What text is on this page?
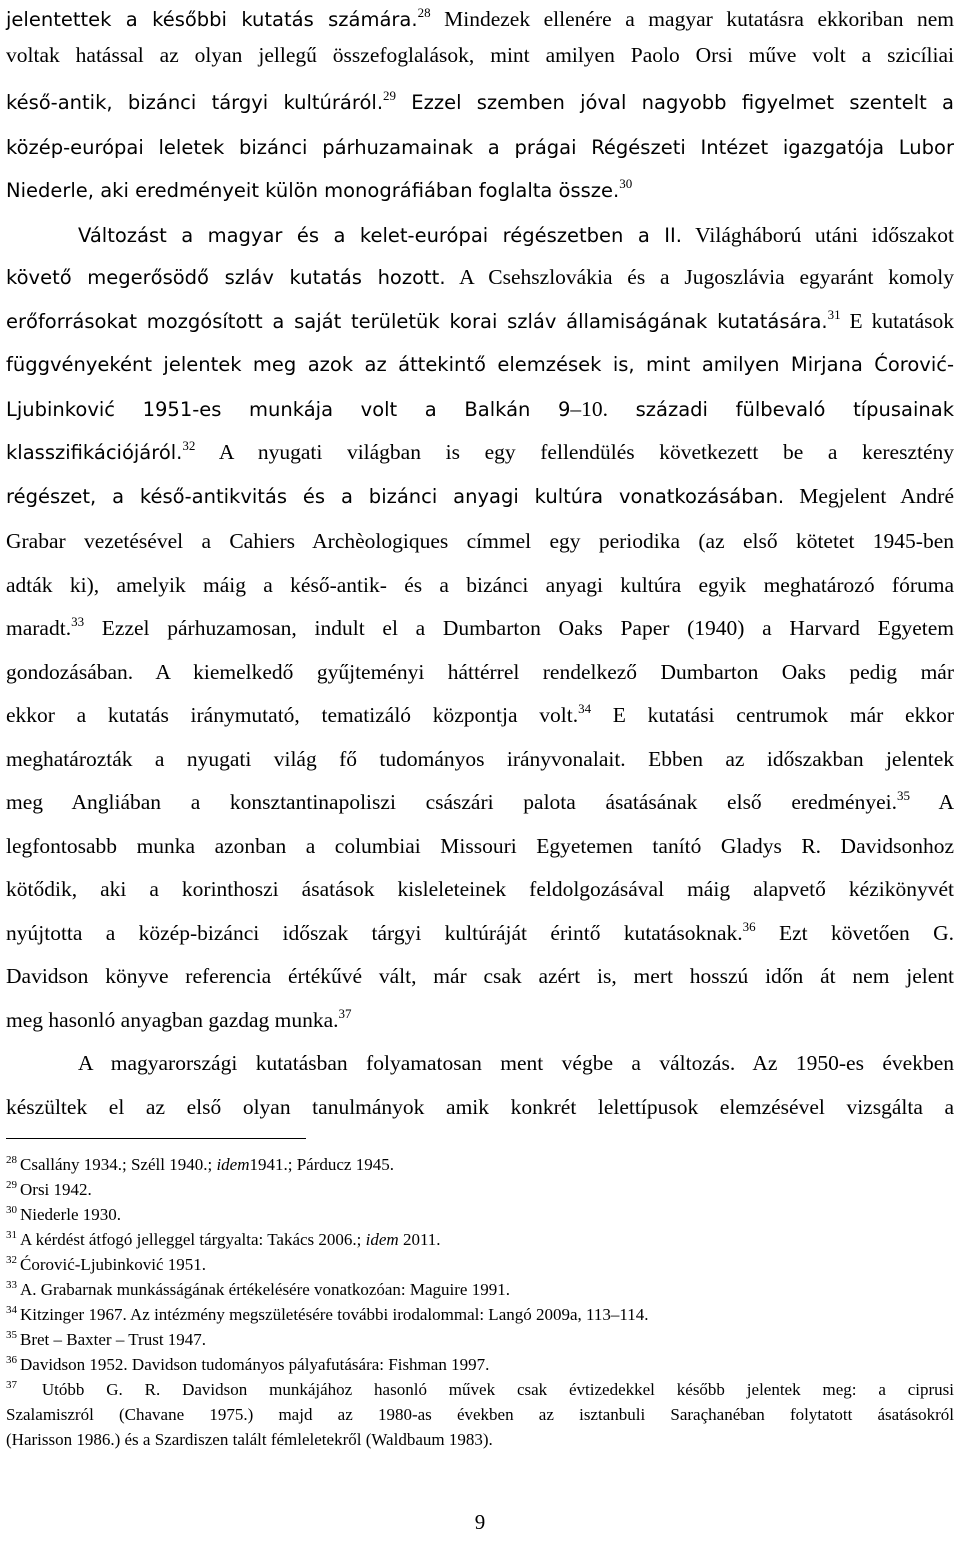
jelentettek a későbbi kutatás számára.$^{28}$ Mindezek ellenére a magyar kutatásra ekkoriban nem
voltak hatással az olyan jellegű összefoglalások, mint amilyen Paolo Orsi műve volt a szicíliai
késő-antik, bizánci tárgyi kultúráról.$^{29}$ Ezzel szemben jóval nagyobb figyelmet szentelt a
közép-európai leletek bizánci párhuzamainak a prágai Régészeti Intézet igazgatója Lubor
Niederle, aki eredményeit külön monográfiában foglalta össze.$^{30}$
Változást a magyar és a kelet-európai régészetben a II. Világháború utáni időszakot
követő megerősödő szláv kutatás hozott. A Csehszlovákia és a Jugoszlávia egyaránt komoly
erőforrásokat mozgósított a saját területük korai szláv államiságának kutatására.$^{31}$ E kutatások
függvényeként jelentek meg azok az áttekintő elemzések is, mint amilyen Mirjana Ćorović-
Ljubinković 1951-es munkája volt a Balkán 9–10. századi fülbevaló típusainak
klasszifikációjáról.$^{32}$ A nyugati világban is egy fellendülés következett be a keresztény
régészet, a késő-antikvitás és a bizánci anyagi kultúra vonatkozásában. Megjelent André
Grabar vezetésével a Cahiers Archèologiques címmel egy periodika (az első kötetet 1945-ben
adták ki), amelyik máig a késő-antik- és a bizánci anyagi kultúra egyik meghatározó fóruma
maradt.$^{33}$ Ezzel párhuzamosan, indult el a Dumbarton Oaks Paper (1940) a Harvard Egyetem
gondozásában. A kiemelkedő gyűjteményi háttérrel rendelkező Dumbarton Oaks pedig már
ekkor a kutatás iránymutató, tematizáló központja volt.$^{34}$ E kutatási centrumok már ekkor
meghatározták a nyugati világ fő tudományos irányvonalait. Ebben az időszakban jelentek
meg Angliában a konsztantinapoliszi császári palota ásatásának első eredményei.$^{35}$ A
legfontosabb munka azonban a columbiai Missouri Egyetemen tanító Gladys R. Davidsonhoz
kötődik, aki a korinthoszi ásatások kisleleteinek feldolgozásával máig alapvető kézikönyvét
nyújtotta a közép-bizánci időszak tárgyi kultúráját érintő kutatásoknak.$^{36}$ Ezt követően G.
Davidson könyve referencia értékűvé vált, már csak azért is, mert hosszú időn át nem jelent
meg hasonló anyagban gazdag munka.$^{37}$
A magyarországi kutatásban folyamatosan ment végbe a változás. Az 1950-es években
készültek el az első olyan tanulmányok amik konkrét lelettípusok elemzésével vizsgálta a
$^{28}$ Csallány 1934.; Széll 1940.; idem1941.; Párducz 1945.
$^{29}$ Orsi 1942.
$^{30}$ Niederle 1930.
$^{31}$ A kérdést átfogó jelleggel tárgyalta: Takács 2006.; idem 2011.
$^{32}$ Ćorović-Ljubinković 1951.
$^{33}$ A. Grabarnak munkásságának értékelésére vonatkozóan: Maguire 1991.
$^{34}$ Kitzinger 1967. Az intézmény megszületésére további irodalommal: Langó 2009a, 113–114.
$^{35}$ Bret – Baxter – Trust 1947.
$^{36}$ Davidson 1952. Davidson tudományos pályafutására: Fishman 1997.
$^{37}$ Utóbb G. R. Davidson munkájához hasonló művek csak évtizedekkel később jelentek meg: a ciprusi
Szalamiszról (Chavane 1975.) majd az 1980-as években az isztanbuli Saraçhanéban folytatott ásatásokról
(Harisson 1986.) és a Szardiszen talált fémleletekről (Waldbaum 1983).
9
